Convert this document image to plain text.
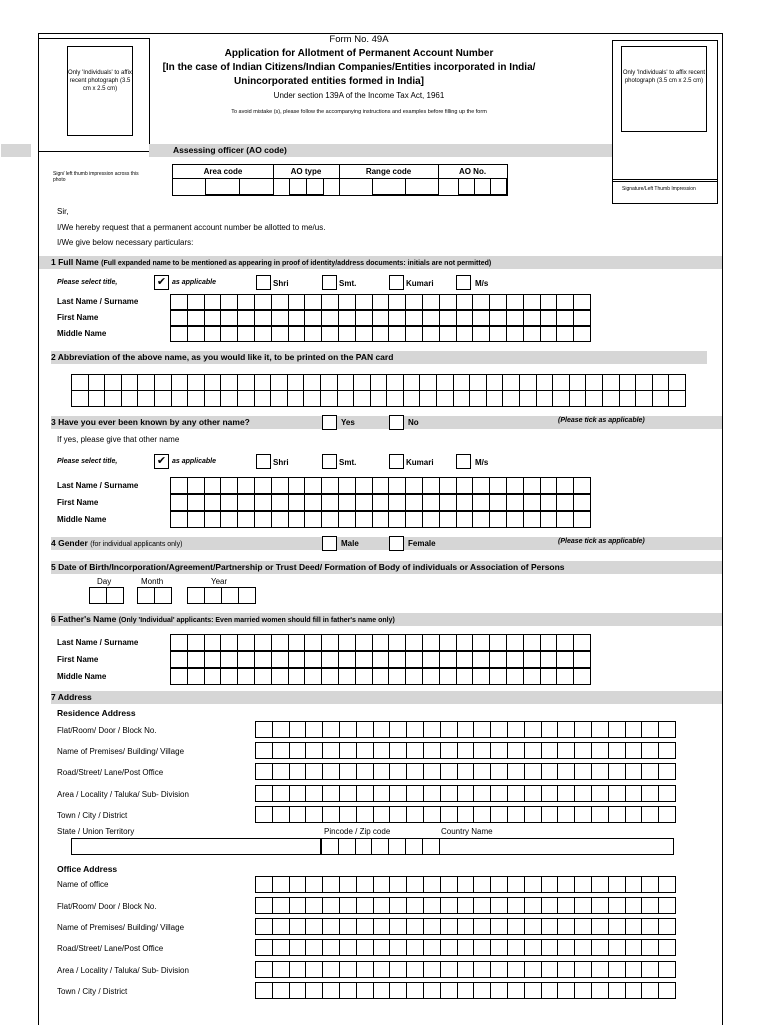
Only 'Individuals' to affix recent photograph (3.5 cm x 2.5 cm)
Sign/ left thumb impression across this photo
Only 'Individuals' to affix recent photograph (3.5 cm x 2.5 cm)
Signature/Left Thumb Impression
Form No. 49A
Application for Allotment of Permanent Account Number
[In the case of Indian Citizens/Indian Companies/Entities incorporated in India/
Unincorporated entities formed in India]
Under section 139A of the Income Tax Act, 1961
To avoid mistake (s), please follow the accompanying instructions and examples before filling up the form
Assessing officer (AO code)
Area code	AO type	Range code	AO No.
Sir,
I/We hereby request that a permanent account number be allotted to me/us.
I/We give below necessary particulars:
1 Full Name (Full expanded name to be mentioned as appearing in proof of identity/address documents: initials are not permitted)
Please select title,	✔ as applicable	Shri	Smt.	Kumari	M/s
Last Name / Surname
First Name
Middle Name
2 Abbreviation of the above name, as you would like it, to be printed on the PAN card
3 Have you ever been known by any other name?	(Please tick as applicable)
Yes	No
If yes, please give that other name
Please select title,	✔ as applicable	Shri	Smt.	Kumari	M/s
Last Name / Surname
First Name
Middle Name
4 Gender (for individual applicants only)	(Please tick as applicable)
Male	Female
5 Date of Birth/Incorporation/Agreement/Partnership or Trust Deed/ Formation of Body of individuals or Association of Persons
Day	Month	Year
6 Father's Name (Only 'Individual' applicants: Even married women should fill in father's name only)
Last Name / Surname
First Name
Middle Name
7 Address
Residence Address
Flat/Room/ Door / Block No.
Name of Premises/ Building/ Village
Road/Street/ Lane/Post Office
Area / Locality / Taluka/ Sub- Division
Town / City / District
State / Union Territory	Pincode / Zip code	Country Name
Office Address
Name of office
Flat/Room/ Door / Block No.
Name of Premises/ Building/ Village
Road/Street/ Lane/Post Office
Area / Locality / Taluka/ Sub- Division
Town / City / District
